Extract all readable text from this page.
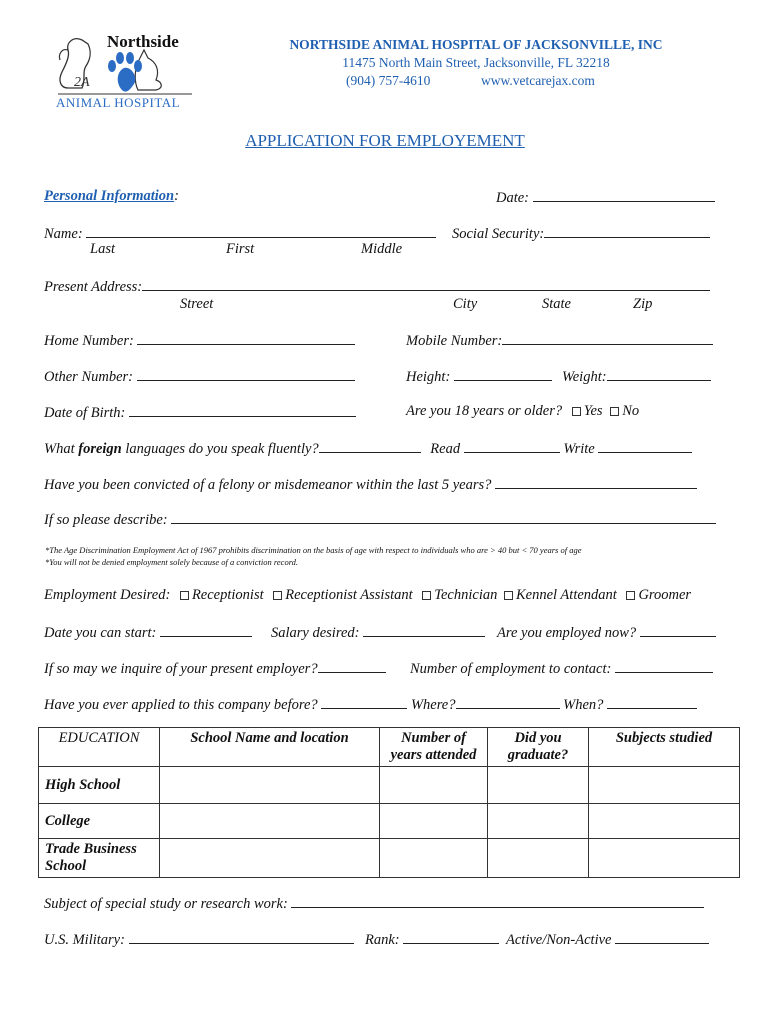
2A
Northside
ANIMAL HOSPITAL
NORTHSIDE ANIMAL HOSPITAL OF JACKSONVILLE, INC
11475 North Main Street, Jacksonville, FL 32218
(904) 757-4610	www.vetcarejax.com
APPLICATION FOR EMPLOYEMENT
Personal Information:	Date:
Name:	Social Security:
Last	First	Middle
Present Address:
Street	City	State	Zip
Home Number:	Mobile Number:
Other Number:	Height:	Weight:
Date of Birth:	Are you 18 years or older? Yes No
What foreign languages do you speak fluently?	Read	Write
Have you been convicted of a felony or misdemeanor within the last 5 years?
If so please describe:
*The Age Discrimination Employment Act of 1967 prohibits discrimination on the basis of age with respect to individuals who are > 40 but < 70 years of age
*You will not be denied employment solely because of a conviction record.
Employment Desired: Receptionist Receptionist Assistant Technician Kennel Attendant Groomer
Date you can start:	Salary desired:	Are you employed now?
If so may we inquire of your present employer?	Number of employment to contact:
Have you ever applied to this company before?	Where?	When?
EDUCATION	School Name and location	Number of years attended	Did you graduate?	Subjects studied
High School				
College				
Trade Business School				
Subject of special study or research work:
U.S. Military:	Rank:	Active/Non-Active
